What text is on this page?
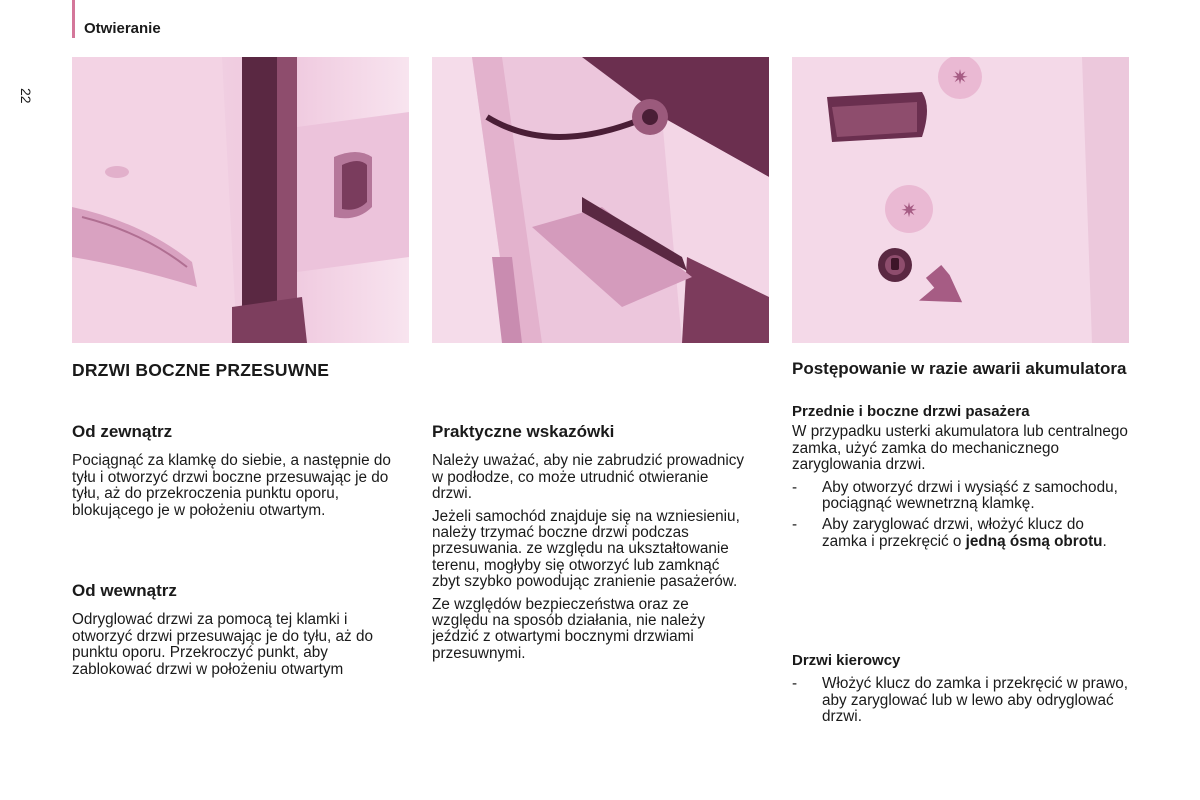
Otwieranie
22
✷
✷
DRZWI BOCZNE PRZESUWNE
Od zewnątrz

Pociągnąć za klamkę do siebie, a następnie do tyłu i otworzyć drzwi boczne przesuwając je do tyłu, aż do przekroczenia punktu oporu, blokującego je w położeniu otwartym.

Od wewnątrz

Odryglować drzwi za pomocą tej klamki i otworzyć drzwi przesuwając je do tyłu, aż do punktu oporu. Przekroczyć punkt, aby zablokować drzwi w położeniu otwartym

Praktyczne wskazówki

Należy uważać, aby nie zabrudzić prowadnicy w podłodze, co może utrudnić otwieranie drzwi.

Jeżeli samochód znajduje się na wzniesieniu, należy trzymać boczne drzwi podczas przesuwania. ze względu na ukształtowanie terenu, mogłyby się otworzyć lub zamknąć zbyt szybko powodując zranienie pasażerów.

Ze względów bezpieczeństwa oraz ze względu na sposób działania, nie należy jeździć z otwartymi bocznymi drzwiami przesuwnymi.

Postępowanie w razie awarii akumulatora
Przednie i boczne drzwi pasażera

W przypadku usterki akumulatora lub centralnego zamka, użyć zamka do mechanicznego zaryglowania drzwi.

- Aby otworzyć drzwi i wysiąść z samochodu, pociągnąć wewnetrzną klamkę.
- Aby zaryglować drzwi, włożyć klucz do zamka i przekręcić o jedną ósmą obrotu.
Drzwi kierowcy
- Włożyć klucz do zamka i przekręcić w prawo, aby zaryglować lub w lewo aby odryglować drzwi.
